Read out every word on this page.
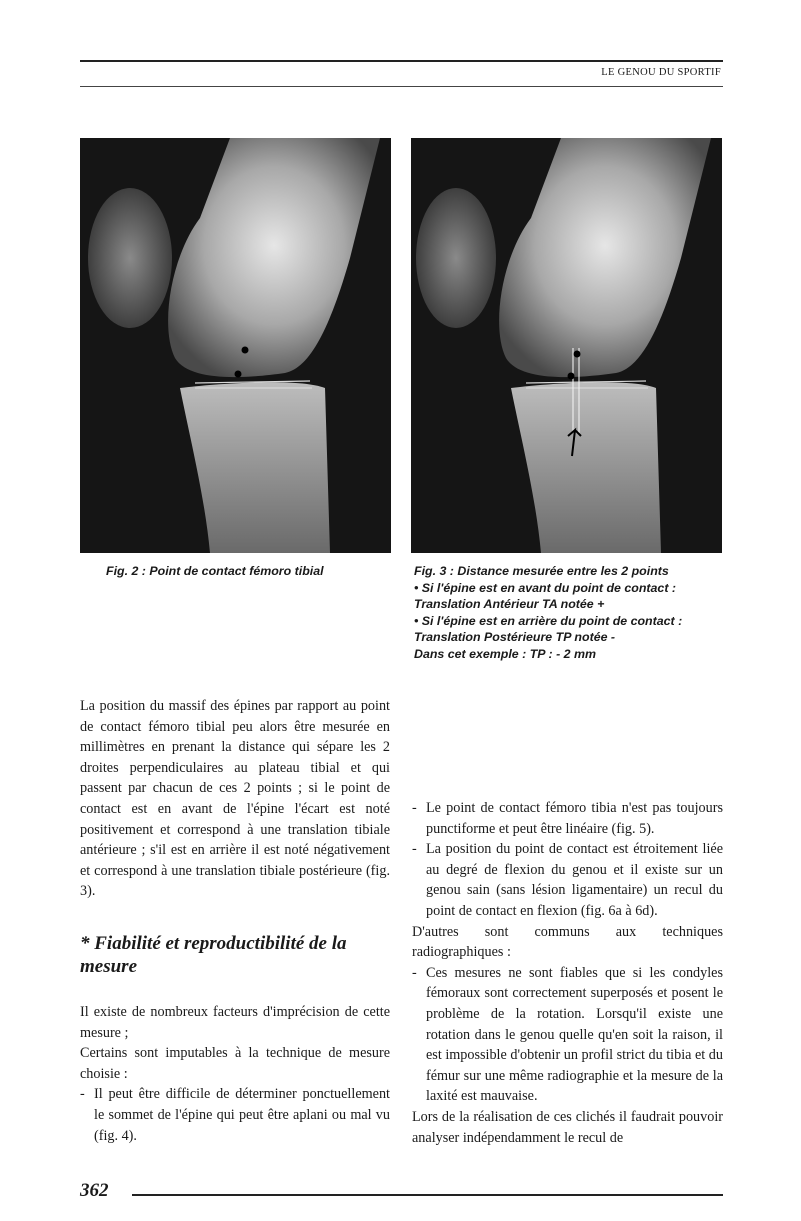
LE GENOU DU SPORTIF

Fig. 2 : Point de contact fémoro tibial	Fig. 3 : Distance mesurée entre les 2 points

• Si l'épine est en avant du point de contact :

Translation Antérieur TA notée +

• Si l'épine est en arrière du point de contact :

Translation Postérieure TP notée -

Dans cet exemple : TP : - 2 mm

La position du massif des épines par rapport au point de contact fémoro tibial peu alors être mesurée en millimètres en prenant la distance qui sépare les 2 droites perpendiculaires au plateau tibial et qui passent par chacun de ces 2 points ; si le point de contact est en avant de l'épine l'écart est noté positivement et correspond à une translation tibiale antérieure ; s'il est en arrière il est noté négativement et correspond à une translation tibiale postérieure (fig. 3).

* Fiabilité et reproductibilité de la mesure

Il existe de nombreux facteurs d'imprécision de cette mesure ;

Certains sont imputables à la technique de mesure choisie :

- Il peut être difficile de déterminer ponctuellement le sommet de l'épine qui peut être aplani ou mal vu (fig. 4).
- Le point de contact fémoro tibia n'est pas toujours punctiforme et peut être linéaire (fig. 5).
- La position du point de contact est étroitement liée au degré de flexion du genou et il existe sur un genou sain (sans lésion ligamentaire) un recul du point de contact en flexion (fig. 6a à 6d).

D'autres sont communs aux techniques radiographiques :

- Ces mesures ne sont fiables que si les condyles fémoraux sont correctement superposés et posent le problème de la rotation. Lorsqu'il existe une rotation dans le genou quelle qu'en soit la raison, il est impossible d'obtenir un profil strict du tibia et du fémur sur une même radiographie et la mesure de la laxité est mauvaise.

Lors de la réalisation de ces clichés il faudrait pouvoir analyser indépendamment le recul de

362
